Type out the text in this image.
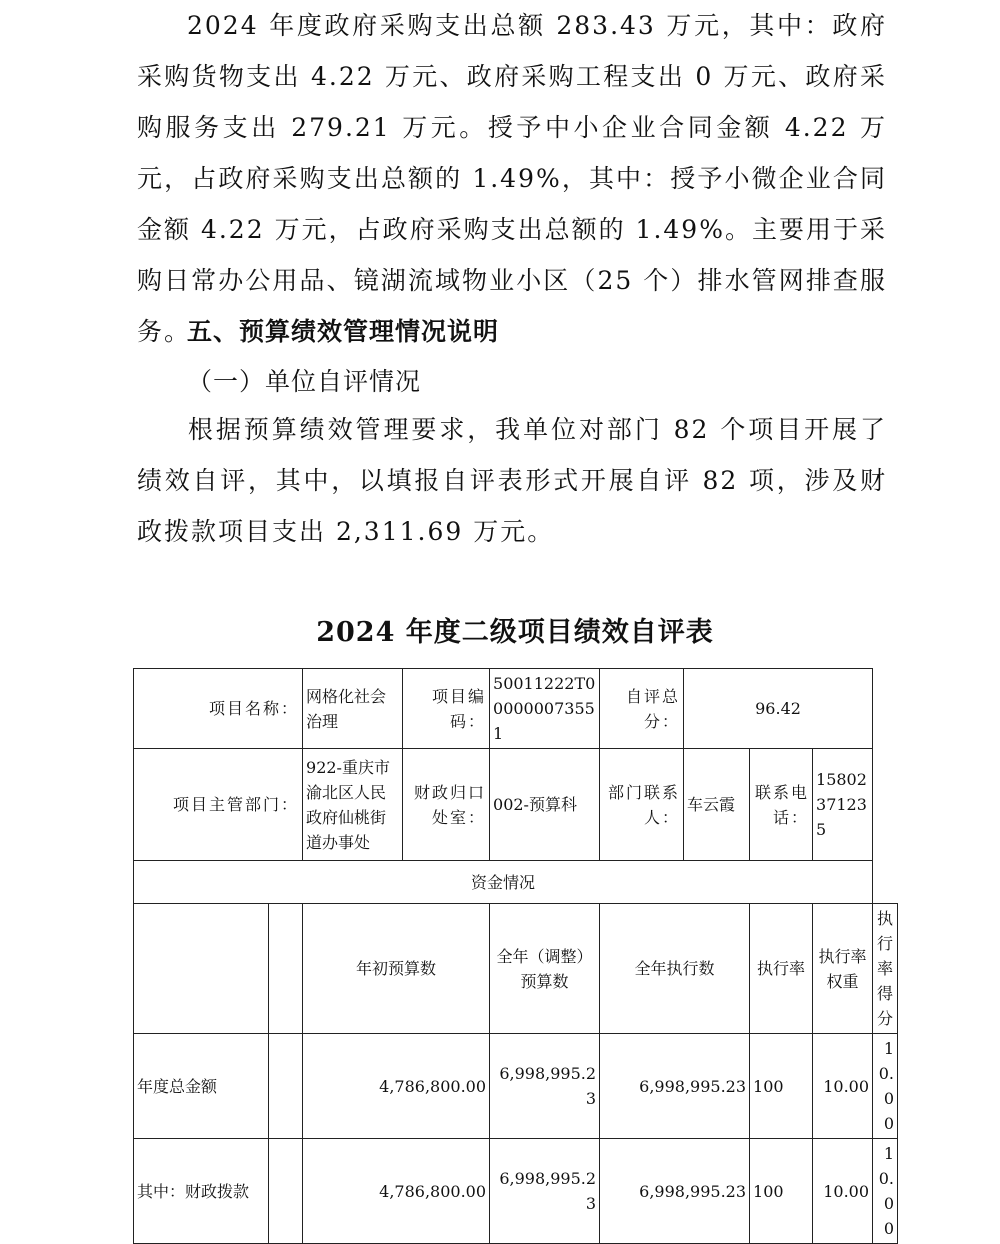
2024 年度政府采购支出总额 283.43 万元，其中：政府采购货物支出 4.22 万元、政府采购工程支出 0 万元、政府采购服务支出 279.21 万元。授予中小企业合同金额 4.22 万元，占政府采购支出总额的 1.49%，其中：授予小微企业合同金额 4.22 万元，占政府采购支出总额的 1.49%。主要用于采购日常办公用品、镜湖流域物业小区（25 个）排水管网排查服务。

五、预算绩效管理情况说明

（一）单位自评情况

根据预算绩效管理要求，我单位对部门 82 个项目开展了绩效自评，其中，以填报自评表形式开展自评 82 项，涉及财政拨款项目支出 2,311.69 万元。

2024 年度二级项目绩效自评表
项目名称：		网格化社会治理	项目编码：	50011222T000000073551	自评总分：	96.42			
项目主管部门：		922-重庆市渝北区人民政府仙桃街道办事处	财政归口处室：	002-预算科	部门联系人：	车云霞	联系电话：	15802371235	
资金情况									
		年初预算数		全年（调整）预算数	全年执行数		执行率	执行率权重	执行率得分
年度总金额		4,786,800.00		6,998,995.23	6,998,995.23		100	10.00	10.00
其中：财政拨款		4,786,800.00		6,998,995.23	6,998,995.23		100	10.00	10.00
